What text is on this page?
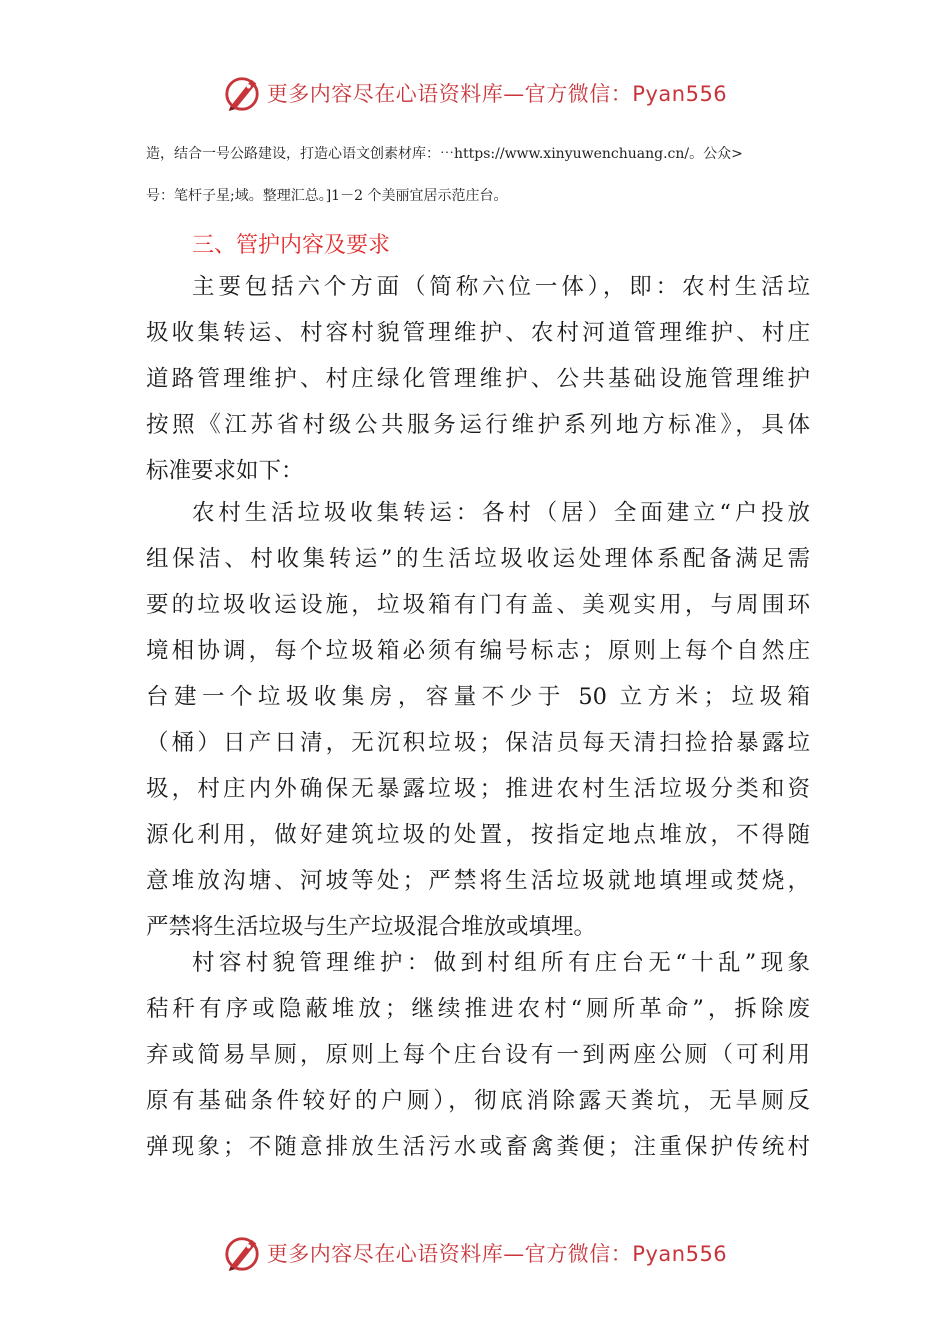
更多内容尽在心语资料库—官方微信：Pyan556
造，结合一号公路建设，打造心语文创素材库：⋯https://www.xinyuwenchuang.cn/。公众>
号：笔杆子星;域。整理汇总。]1－2 个美丽宜居示范庄台。
三、管护内容及要求
主要包括六个方面（简称六位一体），即：农村生活垃
圾收集转运、村容村貌管理维护、农村河道管理维护、村庄
道路管理维护、村庄绿化管理维护、公共基础设施管理维护
按照《江苏省村级公共服务运行维护系列地方标准》，具体
标准要求如下：
农村生活垃圾收集转运：各村（居）全面建立“户投放
组保洁、村收集转运”的生活垃圾收运处理体系配备满足需
要的垃圾收运设施，垃圾箱有门有盖、美观实用，与周围环
境相协调，每个垃圾箱必须有编号标志；原则上每个自然庄
台建一个垃圾收集房，容量不少于 50 立方米；垃圾箱
（桶）日产日清，无沉积垃圾；保洁员每天清扫捡拾暴露垃
圾，村庄内外确保无暴露垃圾；推进农村生活垃圾分类和资
源化利用，做好建筑垃圾的处置，按指定地点堆放，不得随
意堆放沟塘、河坡等处；严禁将生活垃圾就地填埋或焚烧，
严禁将生活垃圾与生产垃圾混合堆放或填埋。
村容村貌管理维护：做到村组所有庄台无“十乱”现象
秸秆有序或隐蔽堆放；继续推进农村“厕所革命”，拆除废
弃或简易旱厕，原则上每个庄台设有一到两座公厕（可利用
原有基础条件较好的户厕），彻底消除露天粪坑，无旱厕反
弹现象；不随意排放生活污水或畜禽粪便；注重保护传统村
更多内容尽在心语资料库—官方微信：Pyan556
